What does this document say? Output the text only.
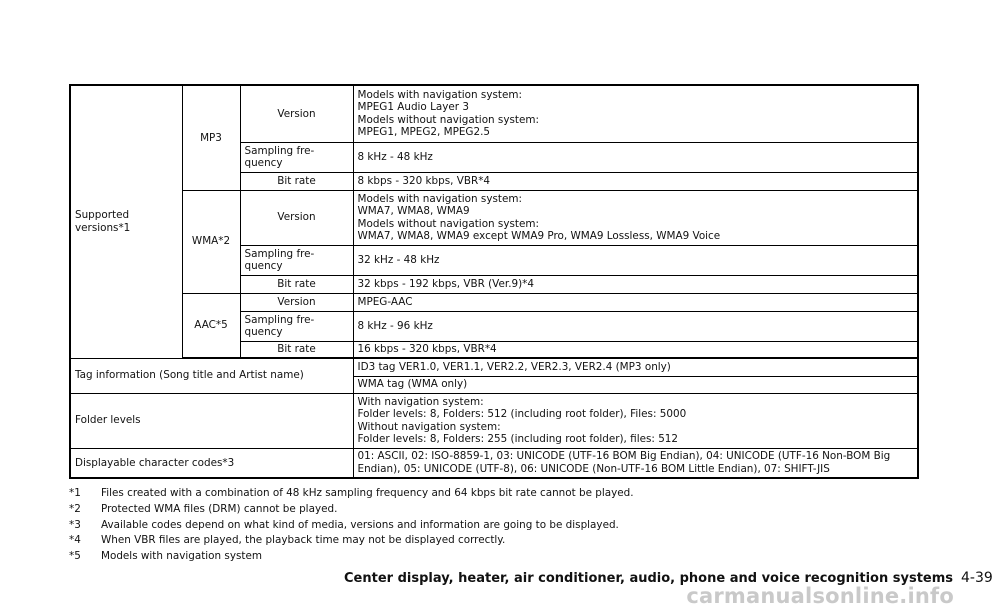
Supported
versions*1	MP3	Version	Models with navigation system:
MPEG1 Audio Layer 3
Models without navigation system:
MPEG1, MPEG2, MPEG2.5

		Sampling fre-
quency	8 kHz - 48 kHz
		Bit rate	8 kbps - 320 kbps, VBR*4
	WMA*2	Version	Models with navigation system:
WMA7, WMA8, WMA9
Models without navigation system:
WMA7, WMA8, WMA9 except WMA9 Pro, WMA9 Lossless, WMA9 Voice

		Sampling fre-
quency	32 kHz - 48 kHz
		Bit rate	32 kbps - 192 kbps, VBR (Ver.9)*4
	AAC*5	Version	MPEG-AAC

		Sampling fre-
quency	8 kHz - 96 kHz
		Bit rate	16 kbps - 320 kbps, VBR*4

Tag information (Song title and Artist name)			ID3 tag VER1.0, VER1.1, VER2.2, VER2.3, VER2.4 (MP3 only)
			WMA tag (WMA only)
Folder levels			With navigation system:
Folder levels: 8, Folders: 512 (including root folder), Files: 5000
Without navigation system:
Folder levels: 8, Folders: 255 (including root folder), files: 512

Displayable character codes*3			01: ASCII, 02: ISO-8859-1, 03: UNICODE (UTF-16 BOM Big Endian), 04: UNICODE (UTF-16 Non-BOM Big
Endian), 05: UNICODE (UTF-8), 06: UNICODE (Non-UTF-16 BOM Little Endian), 07: SHIFT-JIS
*1	Files created with a combination of 48 kHz sampling frequency and 64 kbps bit rate cannot be played.
*2	Protected WMA files (DRM) cannot be played.
*3	Available codes depend on what kind of media, versions and information are going to be displayed.
*4	When VBR files are played, the playback time may not be displayed correctly.
*5	Models with navigation system
Center display, heater, air conditioner, audio, phone and voice recognition systems 4-39
carmanualsonline.info
